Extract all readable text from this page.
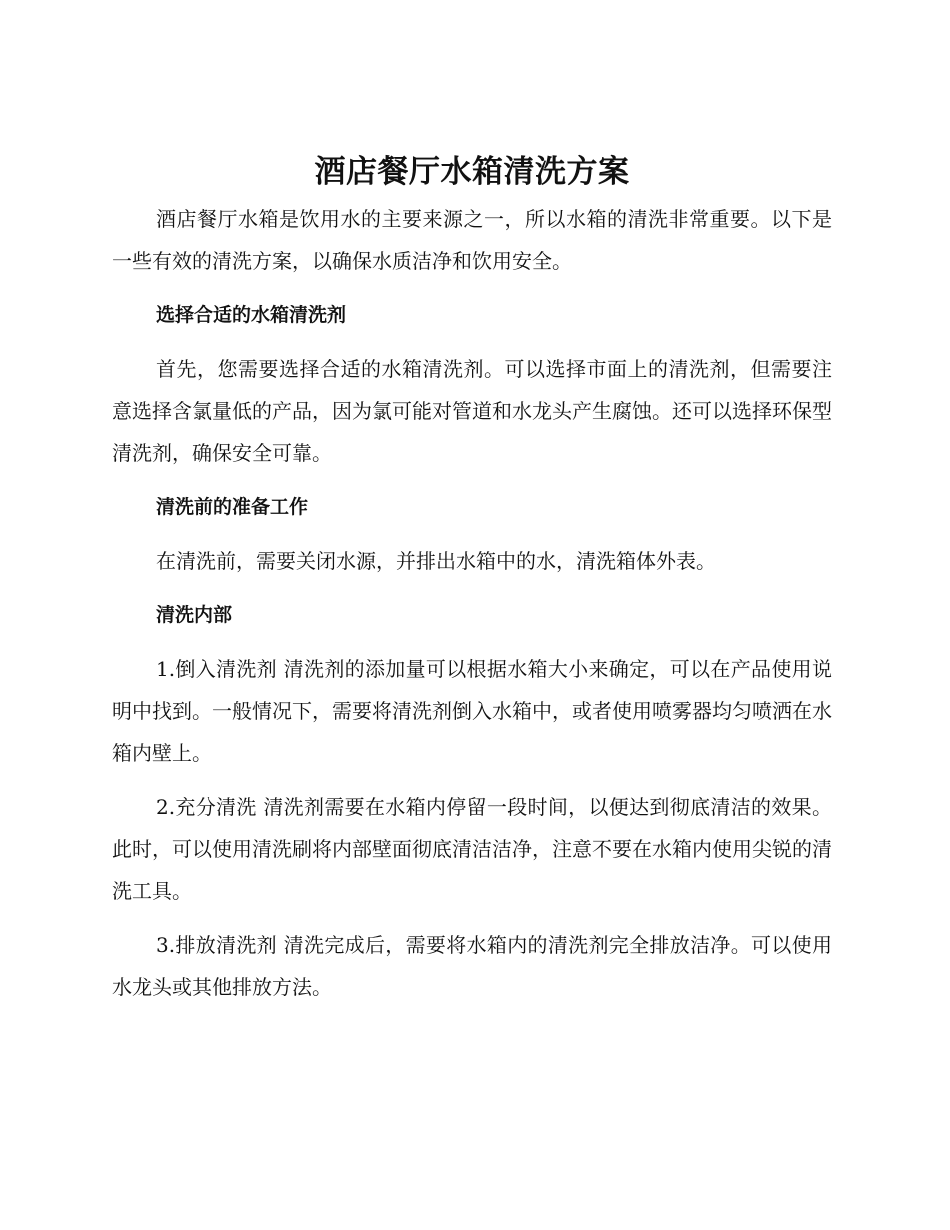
酒店餐厅水箱清洗方案

酒店餐厅水箱是饮用水的主要来源之一，所以水箱的清洗非常重要。以下是一些有效的清洗方案，以确保水质洁净和饮用安全。

选择合适的水箱清洗剂

首先，您需要选择合适的水箱清洗剂。可以选择市面上的清洗剂，但需要注意选择含氯量低的产品，因为氯可能对管道和水龙头产生腐蚀。还可以选择环保型清洗剂，确保安全可靠。

清洗前的准备工作

在清洗前，需要关闭水源，并排出水箱中的水，清洗箱体外表。

清洗内部

1.倒入清洗剂 清洗剂的添加量可以根据水箱大小来确定，可以在产品使用说明中找到。一般情况下，需要将清洗剂倒入水箱中，或者使用喷雾器均匀喷洒在水箱内壁上。

2.充分清洗 清洗剂需要在水箱内停留一段时间，以便达到彻底清洁的效果。此时，可以使用清洗刷将内部壁面彻底清洁洁净，注意不要在水箱内使用尖锐的清洗工具。

3.排放清洗剂 清洗完成后，需要将水箱内的清洗剂完全排放洁净。可以使用水龙头或其他排放方法。
